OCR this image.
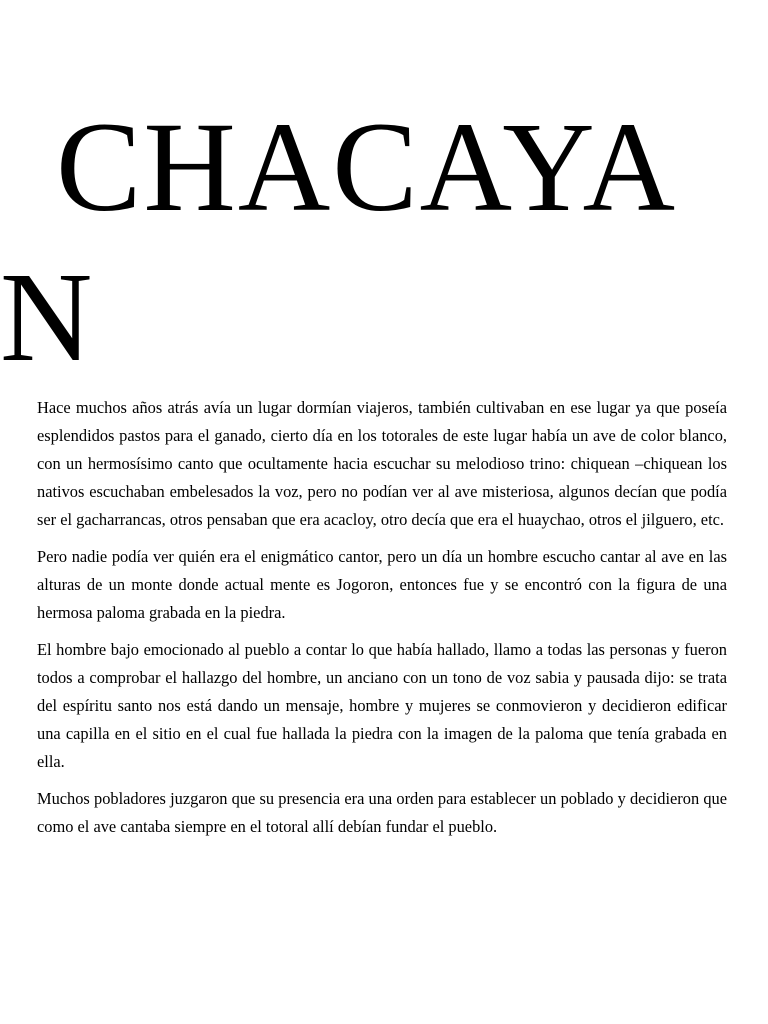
CHACAYA
N

Hace muchos años atrás avía un lugar dormían viajeros, también cultivaban en ese lugar ya que poseía esplendidos pastos para el ganado, cierto día en los totorales de este lugar había un ave de color blanco, con un hermosísimo canto que ocultamente hacia escuchar su melodioso trino: chiquean –chiquean los nativos escuchaban embelesados la voz, pero no podían ver al ave misteriosa, algunos decían que podía ser el gacharrancas, otros pensaban que era acacloy, otro decía que era el huaychao, otros el jilguero, etc.

Pero nadie podía ver quién era el enigmático cantor, pero un día un hombre escucho cantar al ave en las alturas de un monte donde actual mente es Jogoron, entonces fue y se encontró con la figura de una hermosa paloma grabada en la piedra.

El hombre bajo emocionado al pueblo a contar lo que había hallado, llamo a todas las personas y fueron todos a comprobar el hallazgo del hombre, un anciano con un tono de voz sabia y pausada dijo: se trata del espíritu santo nos está dando un mensaje, hombre y mujeres se conmovieron y decidieron edificar una capilla en el sitio en el cual fue hallada la piedra con la imagen de la paloma que tenía grabada en ella.

Muchos pobladores juzgaron que su presencia era una orden para establecer un poblado y decidieron que como el ave cantaba siempre en el totoral allí debían fundar el pueblo.
